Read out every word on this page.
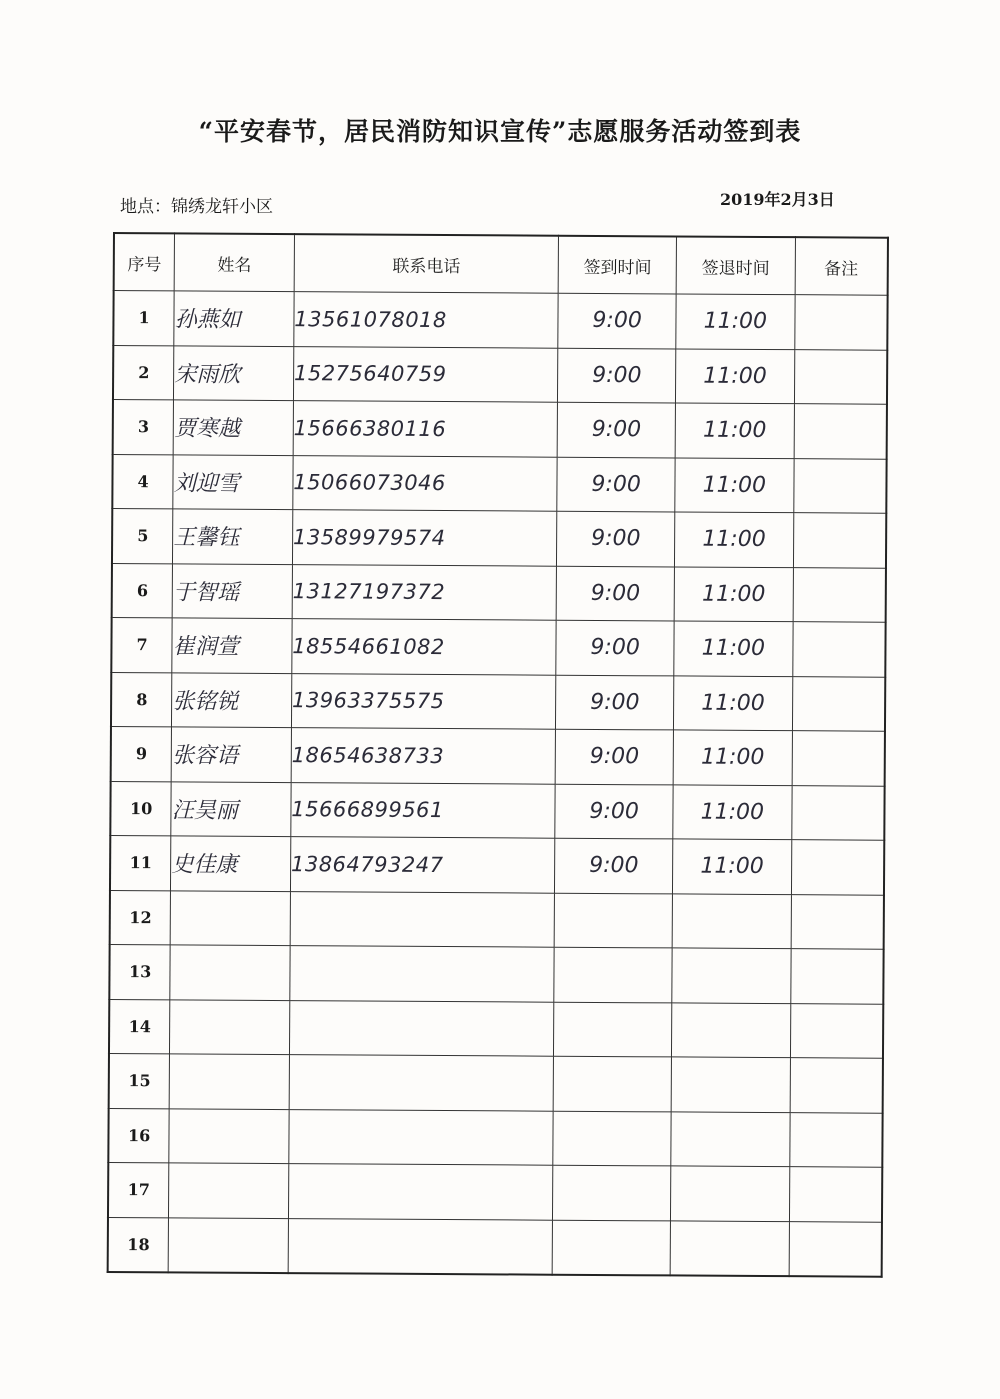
“平安春节，居民消防知识宣传”志愿服务活动签到表
地点：锦绣龙轩小区	2019年2月3日
序号	姓名	联系电话	签到时间	签退时间	备注
1	孙燕如	13561078018	9:00	11:00	
2	宋雨欣	15275640759	9:00	11:00	
3	贾寒越	15666380116	9:00	11:00	
4	刘迎雪	15066073046	9:00	11:00	
5	王馨钰	13589979574	9:00	11:00	
6	于智瑶	13127197372	9:00	11:00	
7	崔润萱	18554661082	9:00	11:00	
8	张铭锐	13963375575	9:00	11:00	
9	张容语	18654638733	9:00	11:00	
10	汪昊丽	15666899561	9:00	11:00	
11	史佳康	13864793247	9:00	11:00	
12					
13					
14					
15					
16					
17					
18					
